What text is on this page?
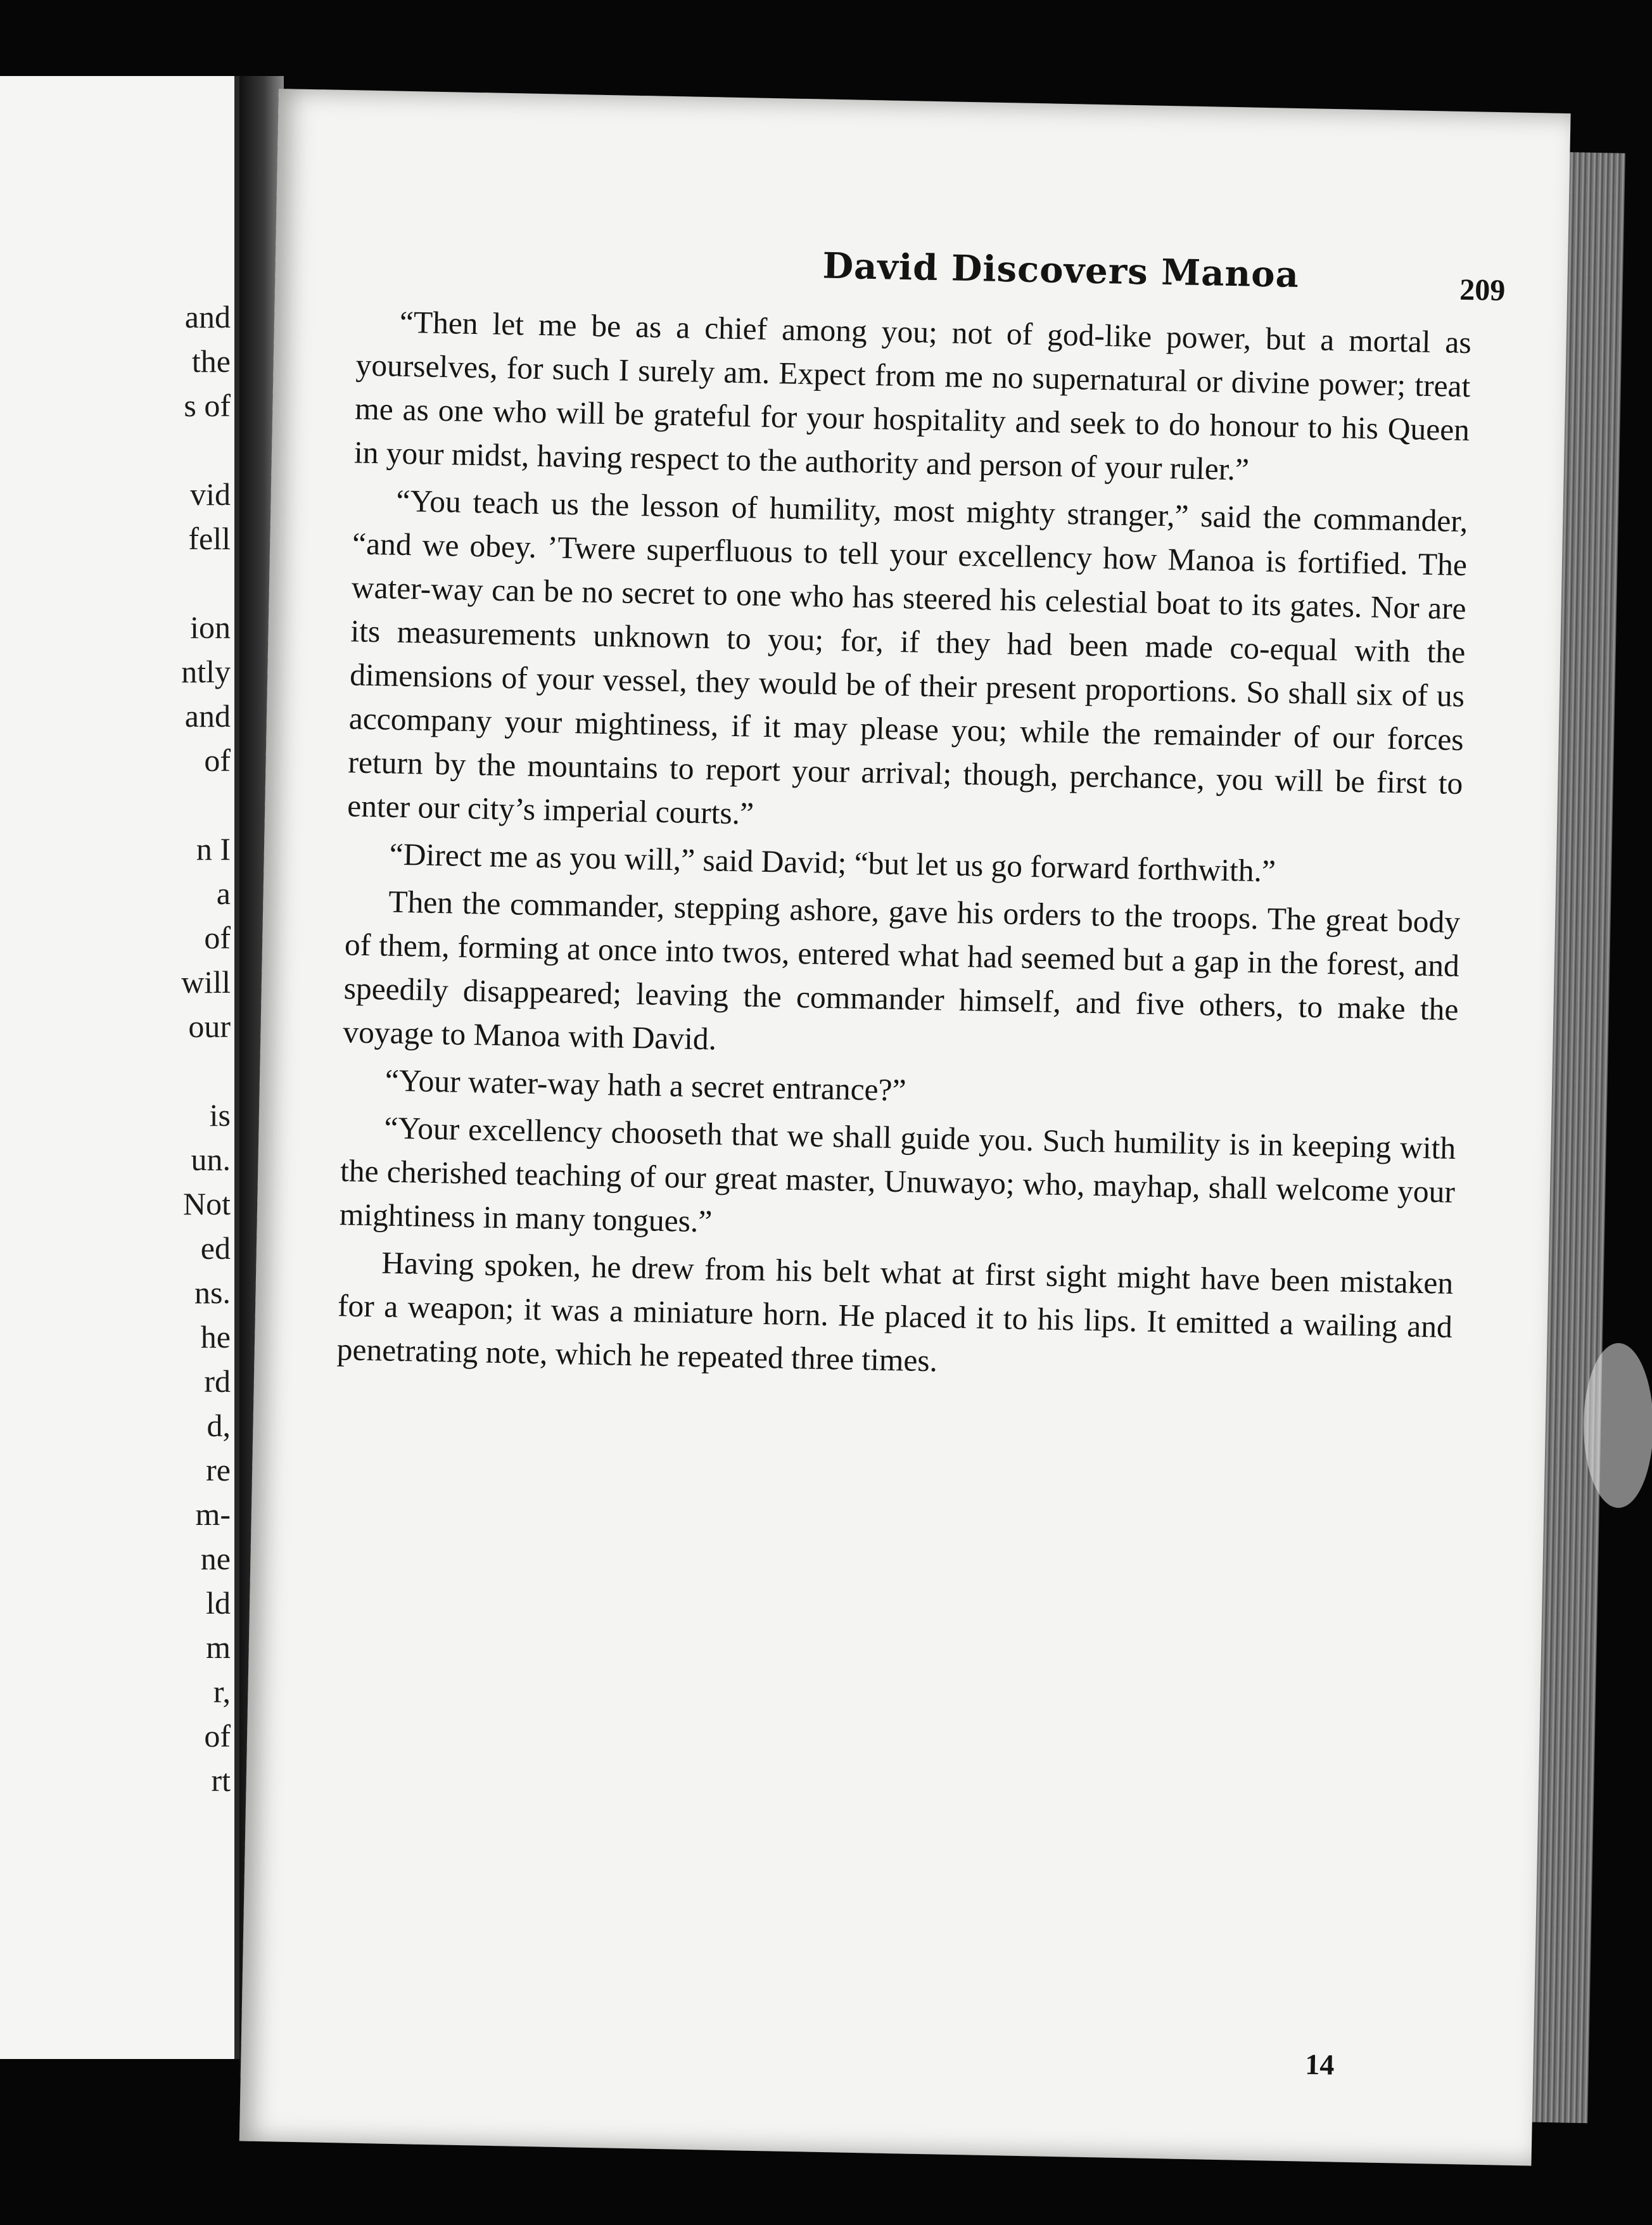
and
the
s of
vid
fell
ion
ntly
and
of
n I
a
of
will
our
is
un.
Not
ed
ns.
he
rd
d,
re
m-
ne
ld
m
r,
of
rt
David Discovers Manoa	209

“Then let me be as a chief among you; not of god-like power, but a mortal as yourselves, for such I surely am. Expect from me no supernatural or divine power; treat me as one who will be grateful for your hospitality and seek to do honour to his Queen in your midst, having respect to the authority and person of your ruler.”

“You teach us the lesson of humility, most mighty stranger,” said the commander, “and we obey. ’Twere superfluous to tell your excellency how Manoa is fortified. The water-way can be no secret to one who has steered his celestial boat to its gates. Nor are its measurements unknown to you; for, if they had been made co-equal with the dimensions of your vessel, they would be of their present proportions. So shall six of us accompany your mightiness, if it may please you; while the remainder of our forces return by the mountains to report your arrival; though, perchance, you will be first to enter our city’s imperial courts.”

“Direct me as you will,” said David; “but let us go forward forthwith.”

Then the commander, stepping ashore, gave his orders to the troops. The great body of them, forming at once into twos, entered what had seemed but a gap in the forest, and speedily disappeared; leaving the commander himself, and five others, to make the voyage to Manoa with David.

“Your water-way hath a secret entrance?”

“Your excellency chooseth that we shall guide you. Such humility is in keeping with the cherished teaching of our great master, Unuwayo; who, mayhap, shall welcome your mightiness in many tongues.”

Having spoken, he drew from his belt what at first sight might have been mistaken for a weapon; it was a miniature horn. He placed it to his lips. It emitted a wailing and penetrating note, which he repeated three times.

14
